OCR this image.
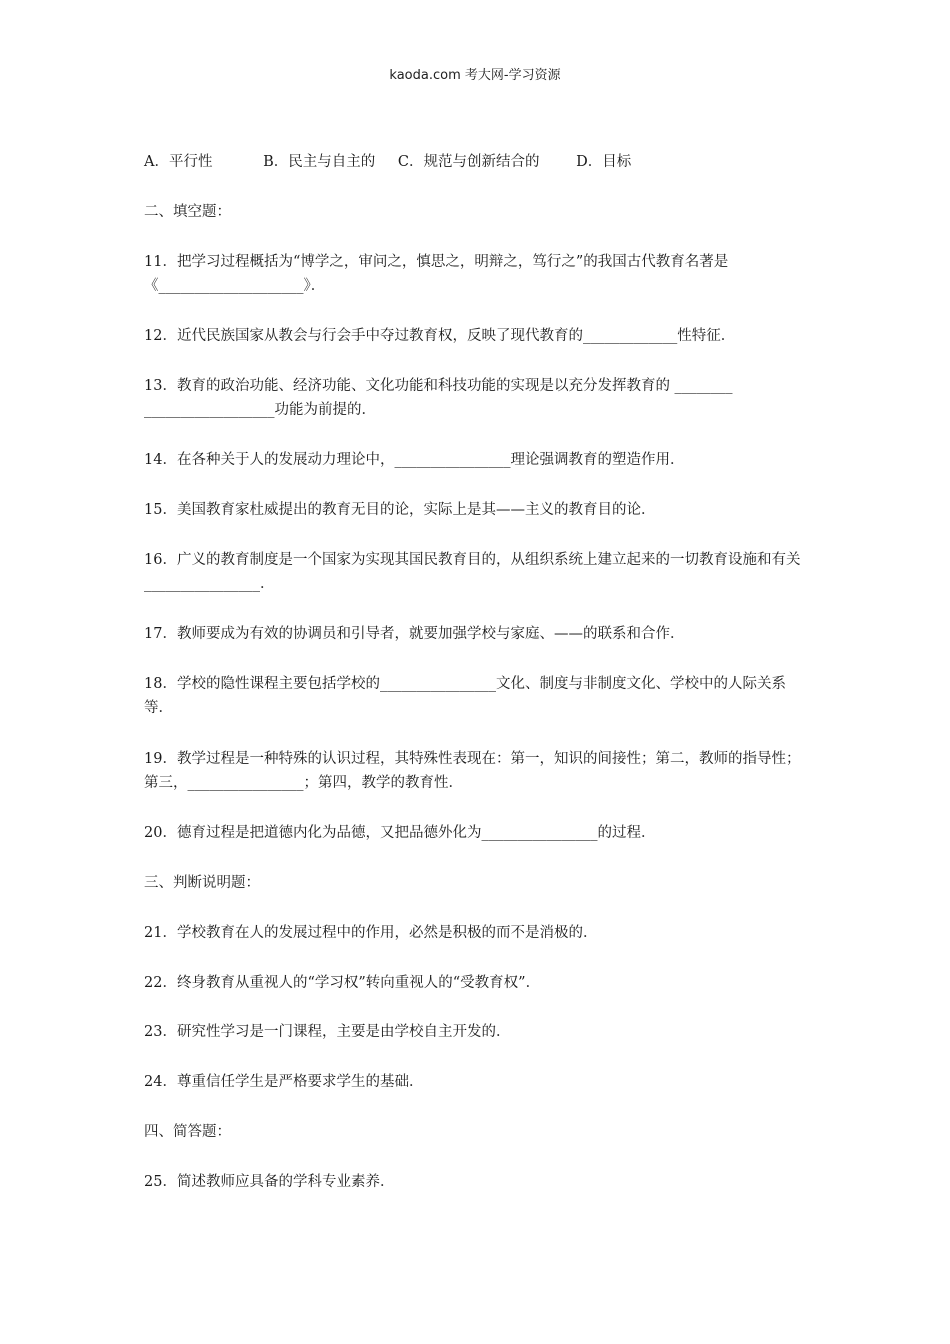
kaoda.com 考大网-学习资源
A．平行性	B．民主与自主的 C．规范与创新结合的	D．目标
二、填空题：
11．把学习过程概括为“博学之，审问之，慎思之，明辩之，笃行之”的我国古代教育名著是《____________________》．
12．近代民族国家从教会与行会手中夺过教育权，反映了现代教育的_____________性特征．
13．教育的政治功能、经济功能、文化功能和科技功能的实现是以充分发挥教育的 ________ __________________功能为前提的．
14．在各种关于人的发展动力理论中，________________理论强调教育的塑造作用．
15．美国教育家杜威提出的教育无目的论，实际上是其——主义的教育目的论．
16．广义的教育制度是一个国家为实现其国民教育目的，从组织系统上建立起来的一切教育设施和有关________________．
17．教师要成为有效的协调员和引导者，就要加强学校与家庭、——的联系和合作．
18．学校的隐性课程主要包括学校的________________文化、制度与非制度文化、学校中的人际关系等．
19．教学过程是一种特殊的认识过程，其特殊性表现在：第一，知识的间接性；第二，教师的指导性；第三，________________；第四，教学的教育性．
20．德育过程是把道德内化为品德，又把品德外化为________________的过程．
三、判断说明题：
21．学校教育在人的发展过程中的作用，必然是积极的而不是消极的．
22．终身教育从重视人的“学习权”转向重视人的“受教育权”．
23．研究性学习是一门课程，主要是由学校自主开发的．
24．尊重信任学生是严格要求学生的基础．
四、简答题：
25．简述教师应具备的学科专业素养．
